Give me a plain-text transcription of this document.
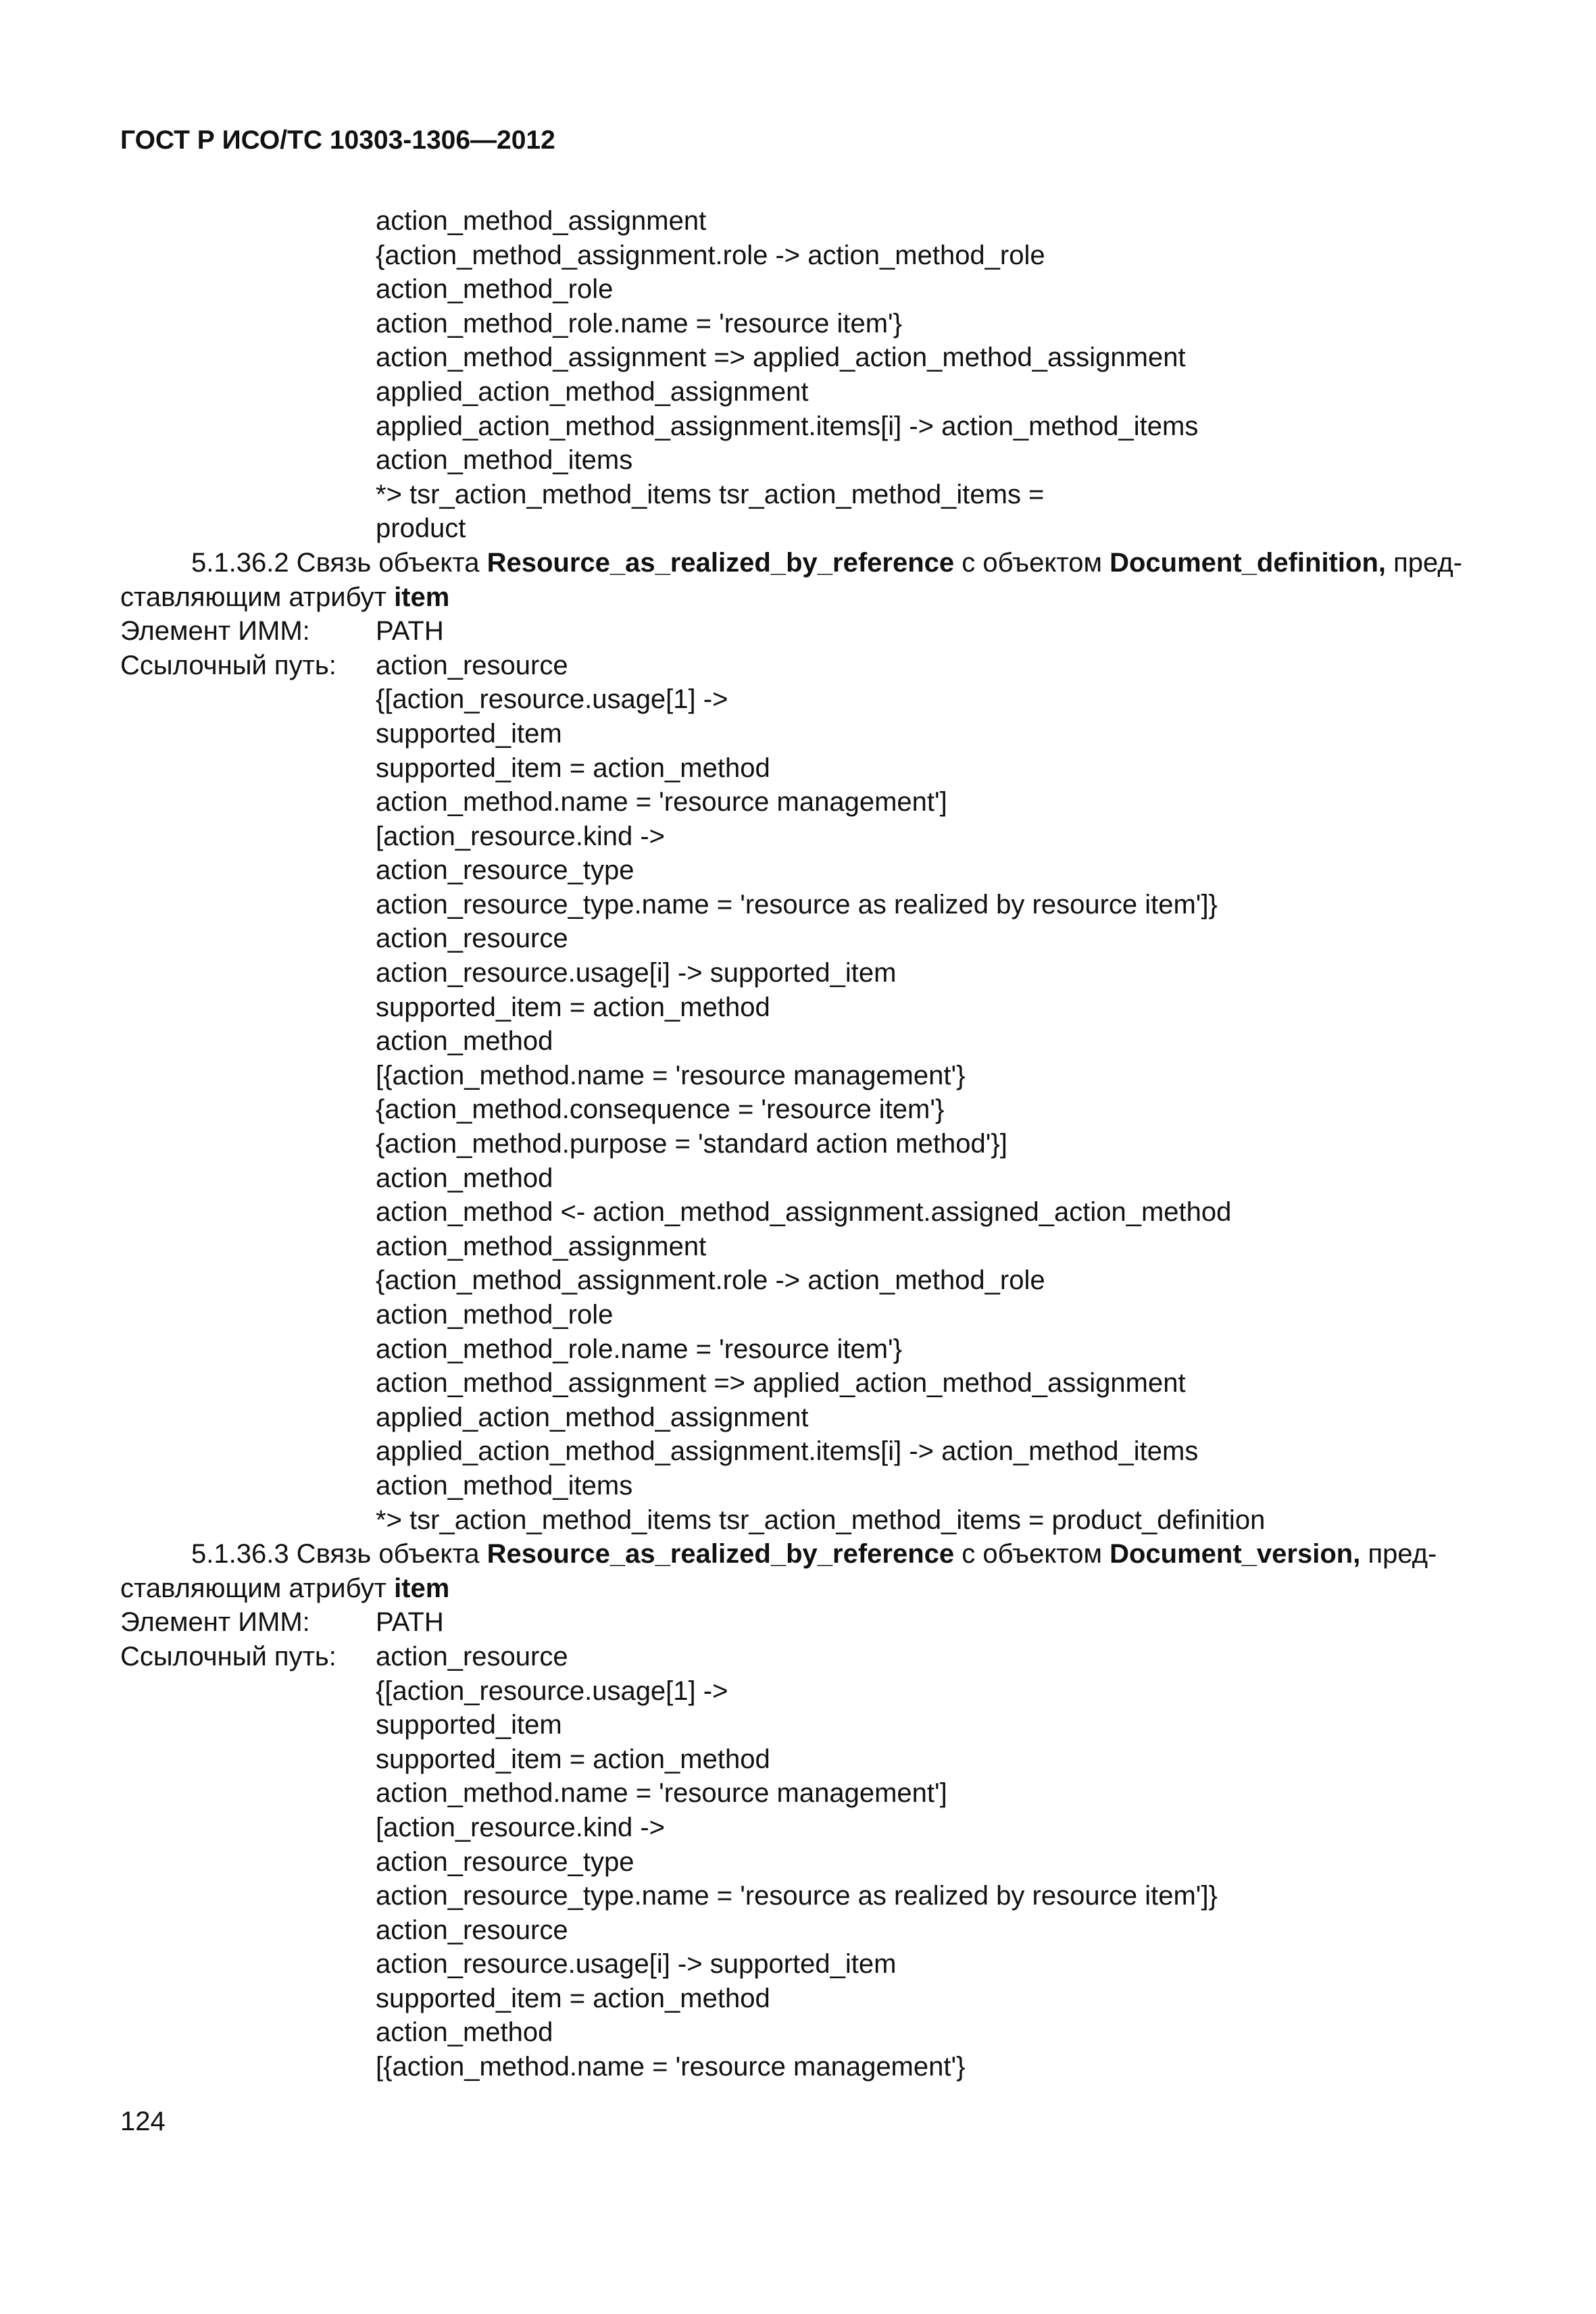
ГОСТ Р ИСО/ТС 10303-1306—2012
action_method_assignment
{action_method_assignment.role -> action_method_role
action_method_role
action_method_role.name = 'resource item'}
action_method_assignment => applied_action_method_assignment
applied_action_method_assignment
applied_action_method_assignment.items[i] -> action_method_items
action_method_items
*> tsr_action_method_items tsr_action_method_items =
product
5.1.36.2 Связь объекта Resource_as_realized_by_reference с объектом Document_definition, пред-
ставляющим атрибут item
Элемент ИММ:	PATH
Ссылочный путь:	action_resource
{[action_resource.usage[1] ->
supported_item
supported_item = action_method
action_method.name = 'resource management']
[action_resource.kind ->
action_resource_type
action_resource_type.name = 'resource as realized by resource item']}
action_resource
action_resource.usage[i] -> supported_item
supported_item = action_method
action_method
[{action_method.name = 'resource management'}
{action_method.consequence = 'resource item'}
{action_method.purpose = 'standard action method'}]
action_method
action_method <- action_method_assignment.assigned_action_method
action_method_assignment
{action_method_assignment.role -> action_method_role
action_method_role
action_method_role.name = 'resource item'}
action_method_assignment => applied_action_method_assignment
applied_action_method_assignment
applied_action_method_assignment.items[i] -> action_method_items
action_method_items
*> tsr_action_method_items tsr_action_method_items = product_definition
5.1.36.3 Связь объекта Resource_as_realized_by_reference с объектом Document_version, пред-
ставляющим атрибут item
Элемент ИММ:	PATH
Ссылочный путь:	action_resource
{[action_resource.usage[1] ->
supported_item
supported_item = action_method
action_method.name = 'resource management']
[action_resource.kind ->
action_resource_type
action_resource_type.name = 'resource as realized by resource item']}
action_resource
action_resource.usage[i] -> supported_item
supported_item = action_method
action_method
[{action_method.name = 'resource management'}
124
